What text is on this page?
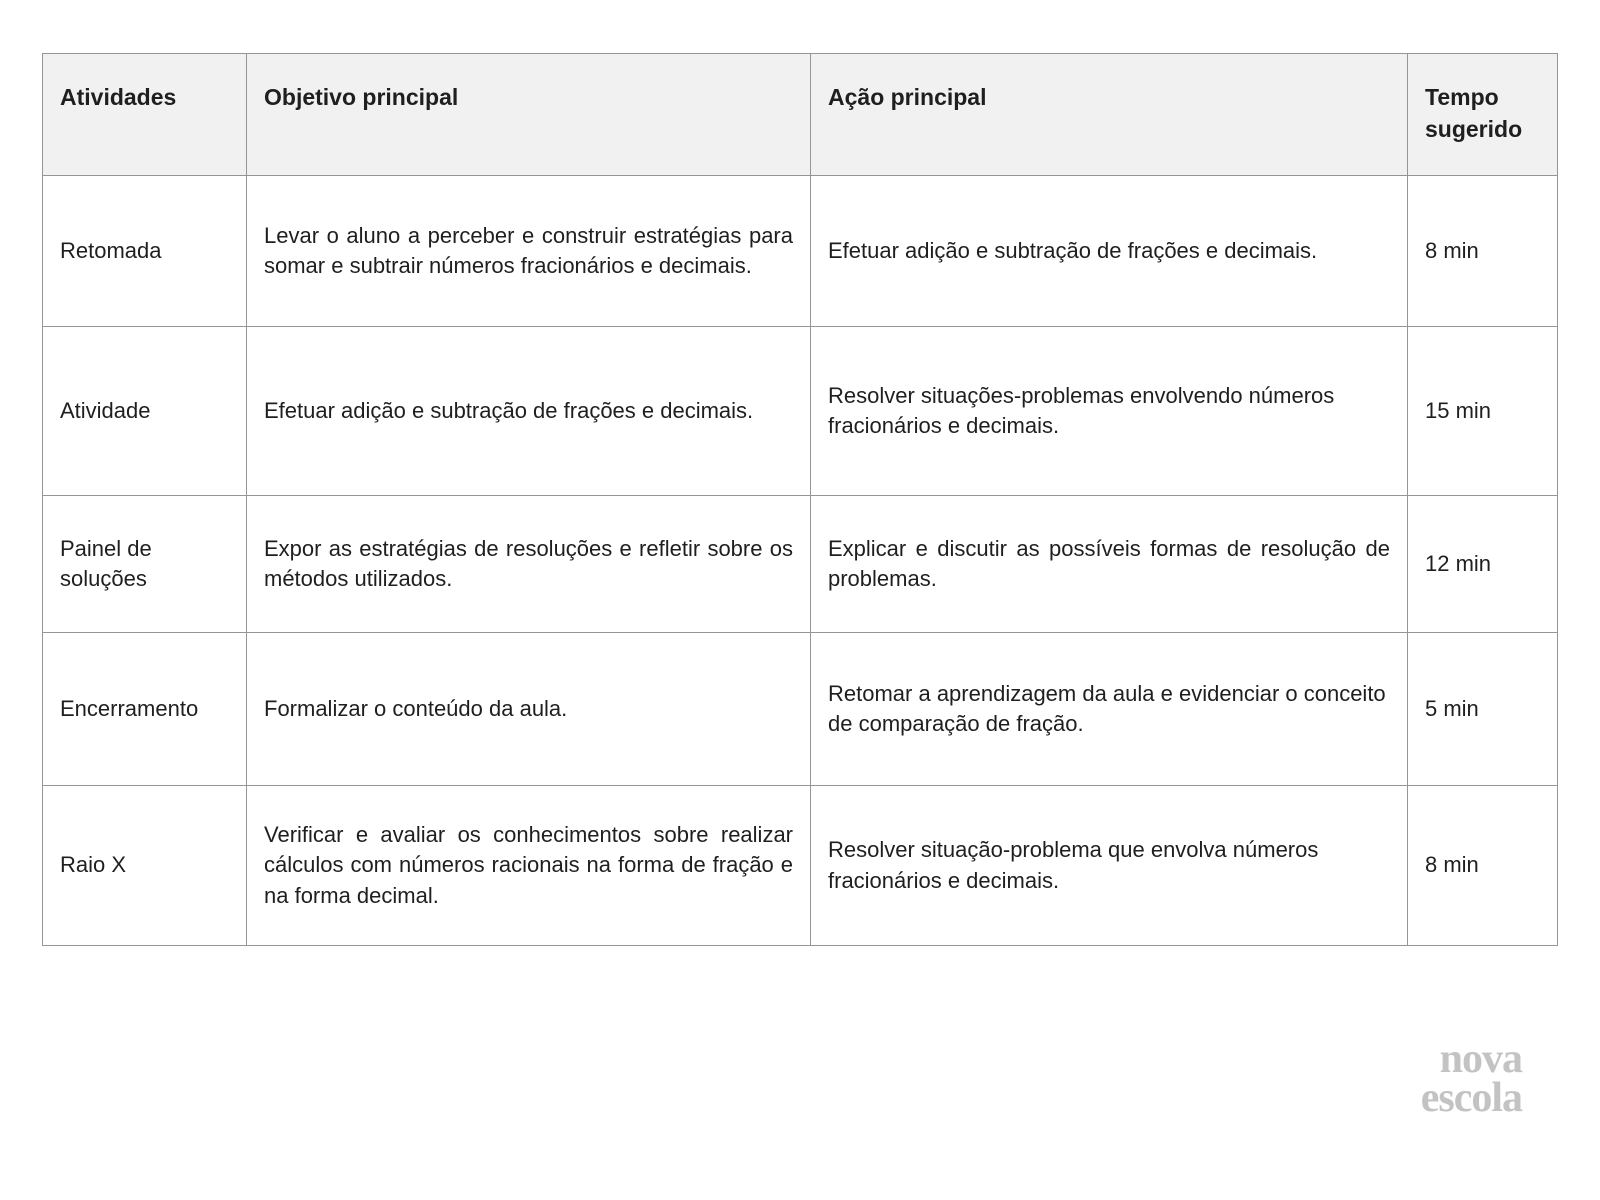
Atividades	Objetivo principal	Ação principal	Tempo sugerido
Retomada	Levar o aluno a perceber e construir estratégias para somar e subtrair números fracionários e decimais.	Efetuar adição e subtração de frações e decimais.	8 min
Atividade	Efetuar adição e subtração de frações e decimais.	Resolver situações-problemas envolvendo números fracionários e decimais.	15 min
Painel de soluções	Expor as estratégias de resoluções e refletir sobre os métodos utilizados.	Explicar e discutir as possíveis formas de resolução de problemas.	12 min
Encerramento	Formalizar o conteúdo da aula.	Retomar a aprendizagem da aula e evidenciar o conceito de comparação de fração.	5 min
Raio X	Verificar e avaliar os conhecimentos sobre realizar cálculos com números racionais na forma de fração e na forma decimal.	Resolver situação-problema que envolva números fracionários e decimais.	8 min
nova
escola
